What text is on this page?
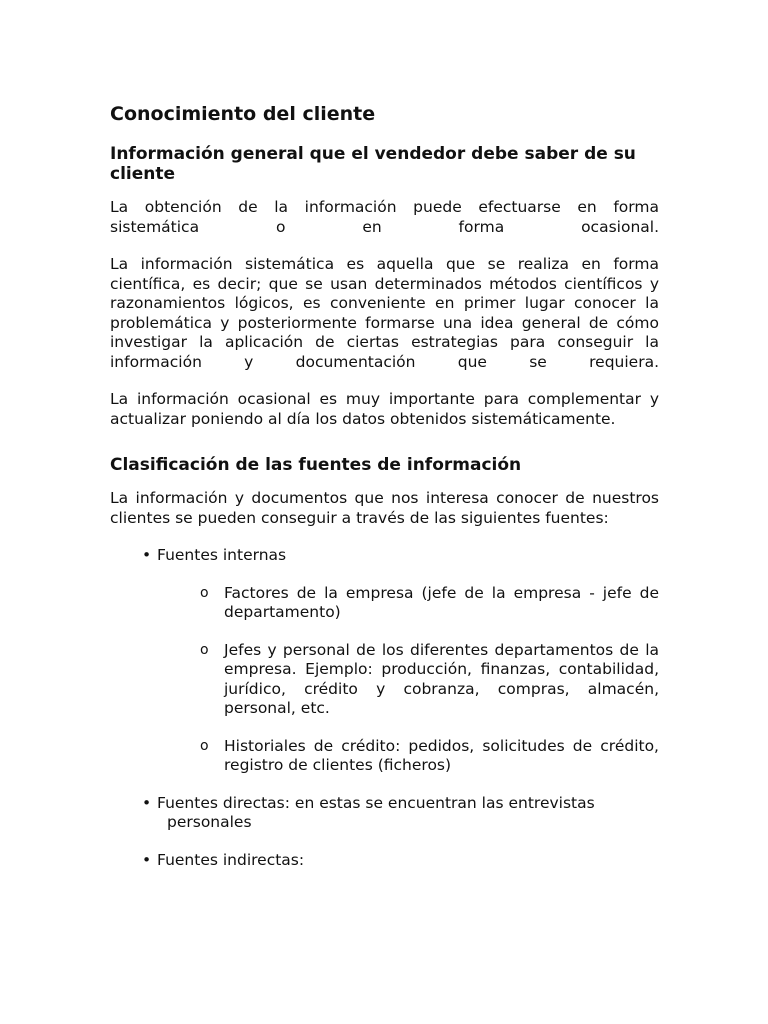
Conocimiento del cliente
Información general que el vendedor debe saber de su cliente

La obtención de la información puede efectuarse en forma sistemática o en forma ocasional.

La información sistemática es aquella que se realiza en forma científica, es decir; que se usan determinados métodos científicos y razonamientos lógicos, es conveniente en primer lugar conocer la problemática y posteriormente formarse una idea general de cómo investigar la aplicación de ciertas estrategias para conseguir la información y documentación que se requiera.

La información ocasional es muy importante para complementar y actualizar poniendo al día los datos obtenidos sistemáticamente.

Clasificación de las fuentes de información

La información y documentos que nos interesa conocer de nuestros clientes se pueden conseguir a través de las siguientes fuentes:

• Fuentes internas
o Factores de la empresa (jefe de la empresa - jefe de departamento)
o Jefes y personal de los diferentes departamentos de la empresa. Ejemplo: producción, finanzas, contabilidad, jurídico, crédito y cobranza, compras, almacén, personal, etc.
o Historiales de crédito: pedidos, solicitudes de crédito, registro de clientes (ficheros)
• Fuentes directas: en estas se encuentran las entrevistas
personales
• Fuentes indirectas:
